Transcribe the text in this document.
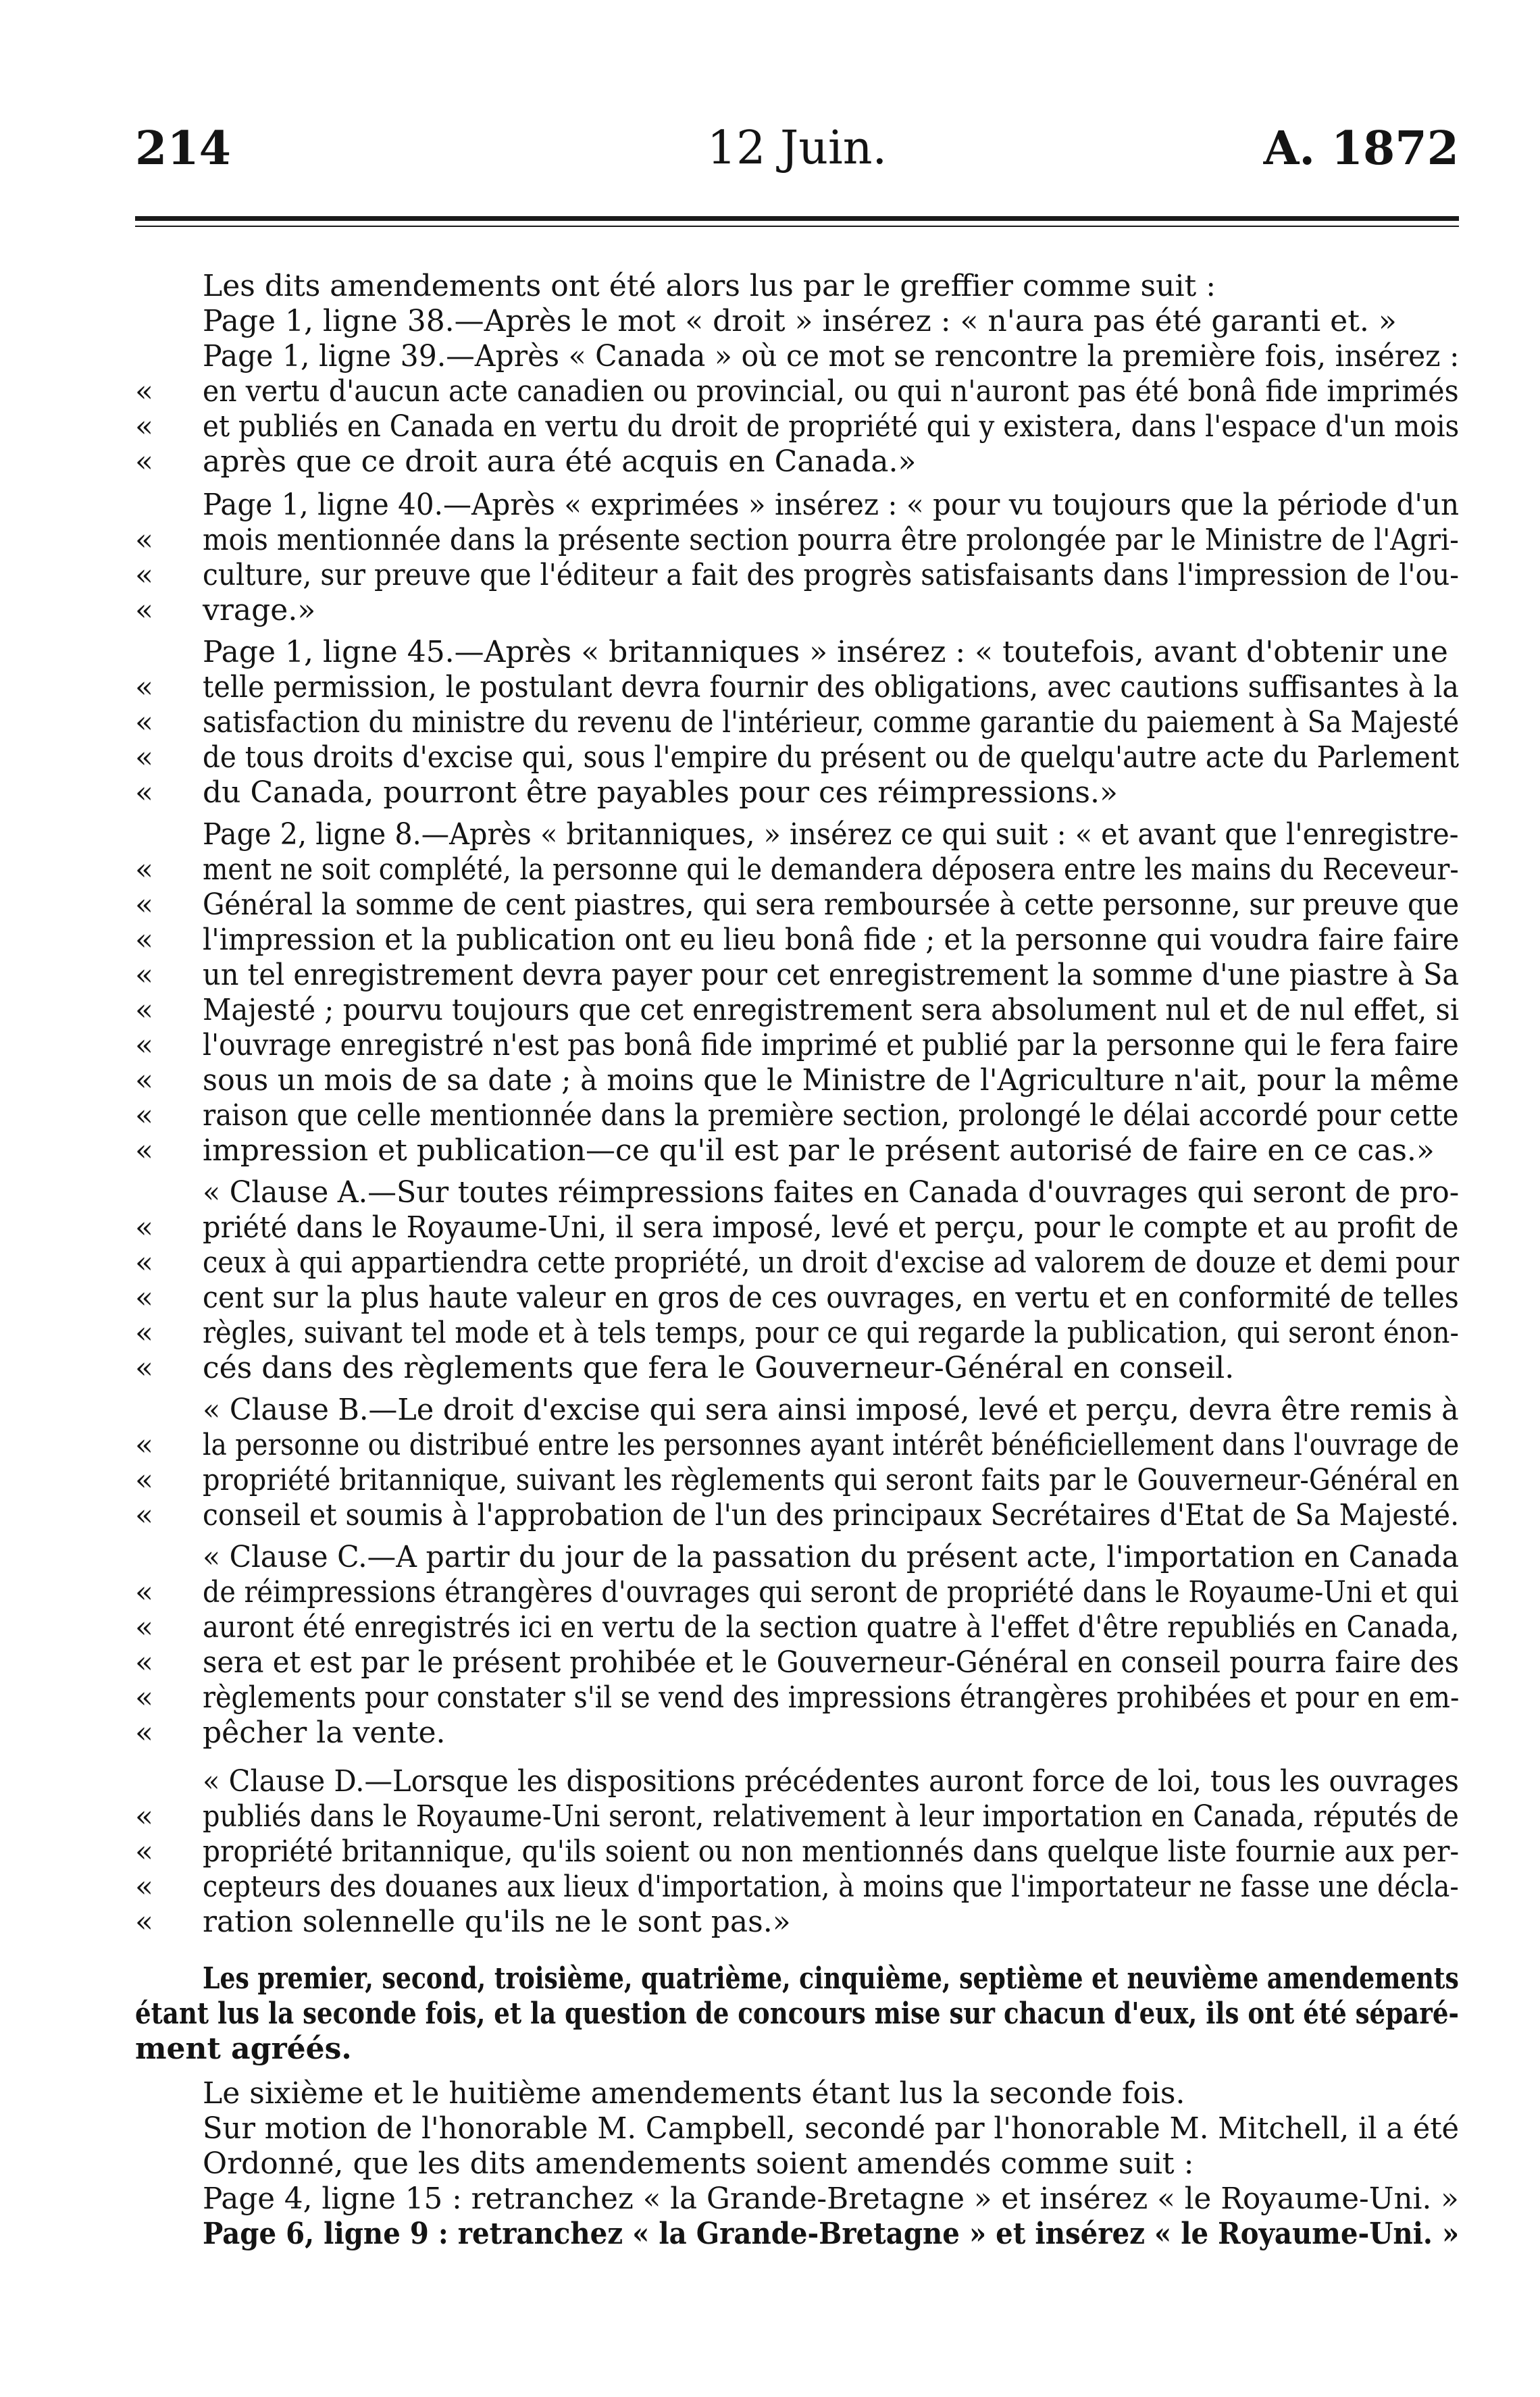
214	12 Juin.	A. 1872
Les dits amendements ont été alors lus par le greffier comme suit :
Page 1, ligne 38.—Après le mot « droit » insérez : « n'aura pas été garanti et. »
Page 1, ligne 39.—Après « Canada » où ce mot se rencontre la première fois, insérez :
« en vertu d'aucun acte canadien ou provincial, ou qui n'auront pas été bonâ fide imprimés
« et publiés en Canada en vertu du droit de propriété qui y existera, dans l'espace d'un mois
« après que ce droit aura été acquis en Canada.»
Page 1, ligne 40.—Après « exprimées » insérez : « pour vu toujours que la période d'un
« mois mentionnée dans la présente section pourra être prolongée par le Ministre de l'Agri-
« culture, sur preuve que l'éditeur a fait des progrès satisfaisants dans l'impression de l'ou-
« vrage.»
Page 1, ligne 45.—Après « britanniques » insérez : « toutefois, avant d'obtenir une
« telle permission, le postulant devra fournir des obligations, avec cautions suffisantes à la
« satisfaction du ministre du revenu de l'intérieur, comme garantie du paiement à Sa Majesté
« de tous droits d'excise qui, sous l'empire du présent ou de quelqu'autre acte du Parlement
« du Canada, pourront être payables pour ces réimpressions.»
Page 2, ligne 8.—Après « britanniques, » insérez ce qui suit : « et avant que l'enregistre-
« ment ne soit complété, la personne qui le demandera déposera entre les mains du Receveur-
« Général la somme de cent piastres, qui sera remboursée à cette personne, sur preuve que
« l'impression et la publication ont eu lieu bonâ fide ; et la personne qui voudra faire faire
« un tel enregistrement devra payer pour cet enregistrement la somme d'une piastre à Sa
« Majesté ; pourvu toujours que cet enregistrement sera absolument nul et de nul effet, si
« l'ouvrage enregistré n'est pas bonâ fide imprimé et publié par la personne qui le fera faire
« sous un mois de sa date ; à moins que le Ministre de l'Agriculture n'ait, pour la même
« raison que celle mentionnée dans la première section, prolongé le délai accordé pour cette
« impression et publication—ce qu'il est par le présent autorisé de faire en ce cas.»
« Clause A.—Sur toutes réimpressions faites en Canada d'ouvrages qui seront de pro-
« priété dans le Royaume-Uni, il sera imposé, levé et perçu, pour le compte et au profit de
« ceux à qui appartiendra cette propriété, un droit d'excise ad valorem de douze et demi pour
« cent sur la plus haute valeur en gros de ces ouvrages, en vertu et en conformité de telles
« règles, suivant tel mode et à tels temps, pour ce qui regarde la publication, qui seront énon-
« cés dans des règlements que fera le Gouverneur-Général en conseil.
« Clause B.—Le droit d'excise qui sera ainsi imposé, levé et perçu, devra être remis à
« la personne ou distribué entre les personnes ayant intérêt bénéficiellement dans l'ouvrage de
« propriété britannique, suivant les règlements qui seront faits par le Gouverneur-Général en
« conseil et soumis à l'approbation de l'un des principaux Secrétaires d'Etat de Sa Majesté.
« Clause C.—A partir du jour de la passation du présent acte, l'importation en Canada
« de réimpressions étrangères d'ouvrages qui seront de propriété dans le Royaume-Uni et qui
« auront été enregistrés ici en vertu de la section quatre à l'effet d'être republiés en Canada,
« sera et est par le présent prohibée et le Gouverneur-Général en conseil pourra faire des
« règlements pour constater s'il se vend des impressions étrangères prohibées et pour en em-
« pêcher la vente.
« Clause D.—Lorsque les dispositions précédentes auront force de loi, tous les ouvrages
« publiés dans le Royaume-Uni seront, relativement à leur importation en Canada, réputés de
« propriété britannique, qu'ils soient ou non mentionnés dans quelque liste fournie aux per-
« cepteurs des douanes aux lieux d'importation, à moins que l'importateur ne fasse une décla-
« ration solennelle qu'ils ne le sont pas.»
Les premier, second, troisième, quatrième, cinquième, septième et neuvième amendements
étant lus la seconde fois, et la question de concours mise sur chacun d'eux, ils ont été séparé-
ment agréés.
Le sixième et le huitième amendements étant lus la seconde fois.
Sur motion de l'honorable M. Campbell, secondé par l'honorable M. Mitchell, il a été
Ordonné, que les dits amendements soient amendés comme suit :
Page 4, ligne 15 : retranchez « la Grande-Bretagne » et insérez « le Royaume-Uni. »
Page 6, ligne 9 : retranchez « la Grande-Bretagne » et insérez « le Royaume-Uni. »
